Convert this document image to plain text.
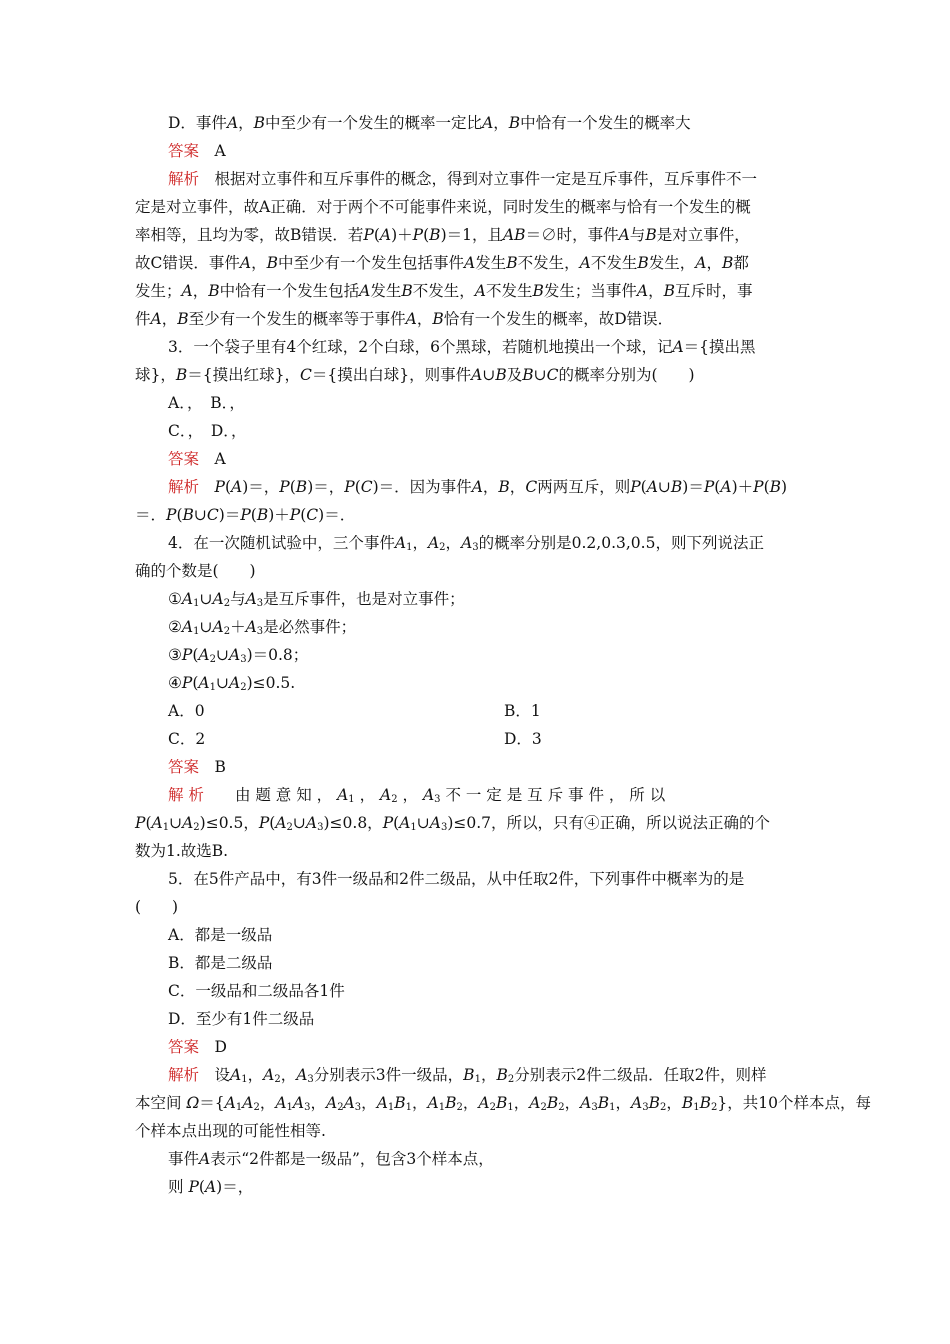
D．事件A，B中至少有一个发生的概率一定比A，B中恰有一个发生的概率大
答案　A
解析　根据对立事件和互斥事件的概念，得到对立事件一定是互斥事件，互斥事件不一
定是对立事件，故A正确．对于两个不可能事件来说，同时发生的概率与恰有一个发生的概
率相等，且均为零，故B错误．若P(A)＋P(B)＝1，且AB＝∅时，事件A与B是对立事件，
故C错误．事件A，B中至少有一个发生包括事件A发生B不发生，A不发生B发生，A，B都
发生；A，B中恰有一个发生包括A发生B不发生，A不发生B发生；当事件A，B互斥时，事
件A，B至少有一个发生的概率等于事件A，B恰有一个发生的概率，故D错误．
3．一个袋子里有4个红球，2个白球，6个黑球，若随机地摸出一个球，记A＝{摸出黑
球}，B＝{摸出红球}，C＝{摸出白球}，则事件A∪B及B∪C的概率分别为(　　)
A．，　B．，
C．，　D．，
答案　A
解析　 P(A)＝，P(B)＝，P(C)＝．因为事件A，B，C两两互斥，则P(A∪B)＝P(A)＋P(B)
＝．P(B∪C)＝P(B)＋P(C)＝．
4．在一次随机试验中，三个事件$A_1$，$A_2$，$A_3$的概率分别是0.2,0.3,0.5，则下列说法正
确的个数是(　　)
$①A_1\cup A_2$与$A_3$是互斥事件，也是对立事件；
$②A_1\cup A_2+A_3$是必然事件；
$③P(A_2\cup A_3)=0.8$；
$④P(A_1\cup A_2)\le 0.5$.
A．0	B．1
C．2	D．3
答案　B
解 析　　由 题 意 知 ， $A_1$ ， $A_2$ ， $A_3$ 不 一 定 是 互 斥 事 件 ， 所 以
$P(A_1\cup A_2)\le 0.5$，$P(A_2\cup A_3)\le 0.8$，$P(A_1\cup A_3)\le 0.7$，所以，只有④正确，所以说法正确的个
数为1.故选B.
5．在5件产品中，有3件一级品和2件二级品，从中任取2件，下列事件中概率为的是
(　　)
A．都是一级品
B．都是二级品
C．一级品和二级品各1件
D．至少有1件二级品
答案　D
解析　设$A_1$，$A_2$，$A_3$分别表示3件一级品，$B_1$，$B_2$分别表示2件二级品．任取2件，则样
本空间 $\Omega=\{A_1A_2$，$A_1A_3$，$A_2A_3$，$A_1B_1$，$A_1B_2$，$A_2B_1$，$A_2B_2$，$A_3B_1$，$A_3B_2$，$B_1B_2$}，共10个样本点，每
个样本点出现的可能性相等.
事件A表示“2件都是一级品”，包含3个样本点，
则 P(A)＝，
